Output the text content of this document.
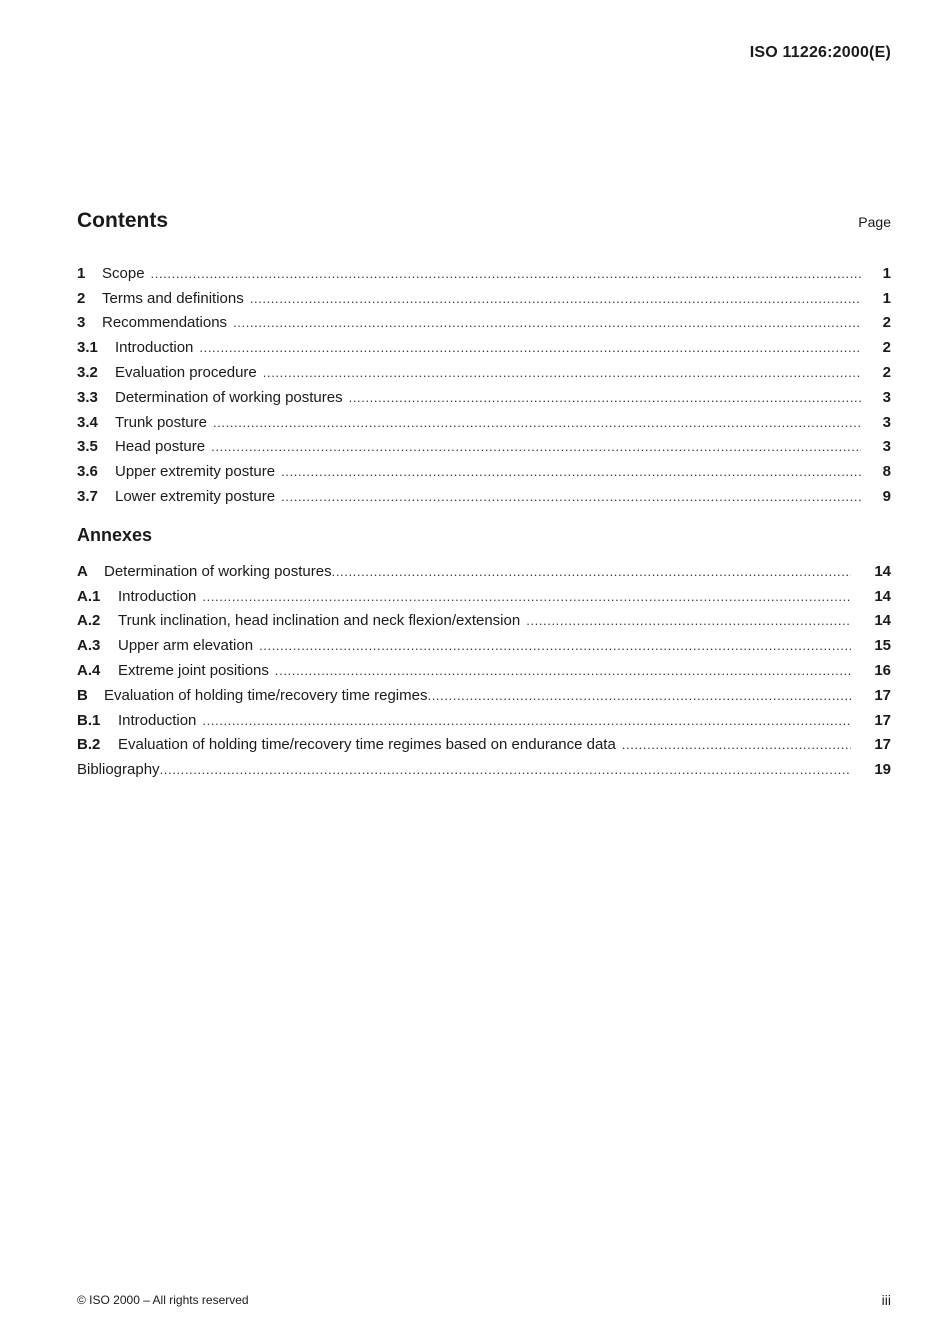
ISO 11226:2000(E)
Contents	Page
1	Scope .....	1
2	Terms and definitions .....	1
3	Recommendations .....	2
3.1	Introduction .....	2
3.2	Evaluation procedure .....	2
3.3	Determination of working postures .....	3
3.4	Trunk posture .....	3
3.5	Head posture .....	3
3.6	Upper extremity posture .....	8
3.7	Lower extremity posture .....	9
Annexes
A	Determination of working postures .....	14
A.1	Introduction .....	14
A.2	Trunk inclination, head inclination and neck flexion/extension .....	14
A.3	Upper arm elevation .....	15
A.4	Extreme joint positions .....	16
B	Evaluation of holding time/recovery time regimes .....	17
B.1	Introduction .....	17
B.2	Evaluation of holding time/recovery time regimes based on endurance data .....	17
Bibliography .....	19
© ISO 2000 – All rights reserved	iii
